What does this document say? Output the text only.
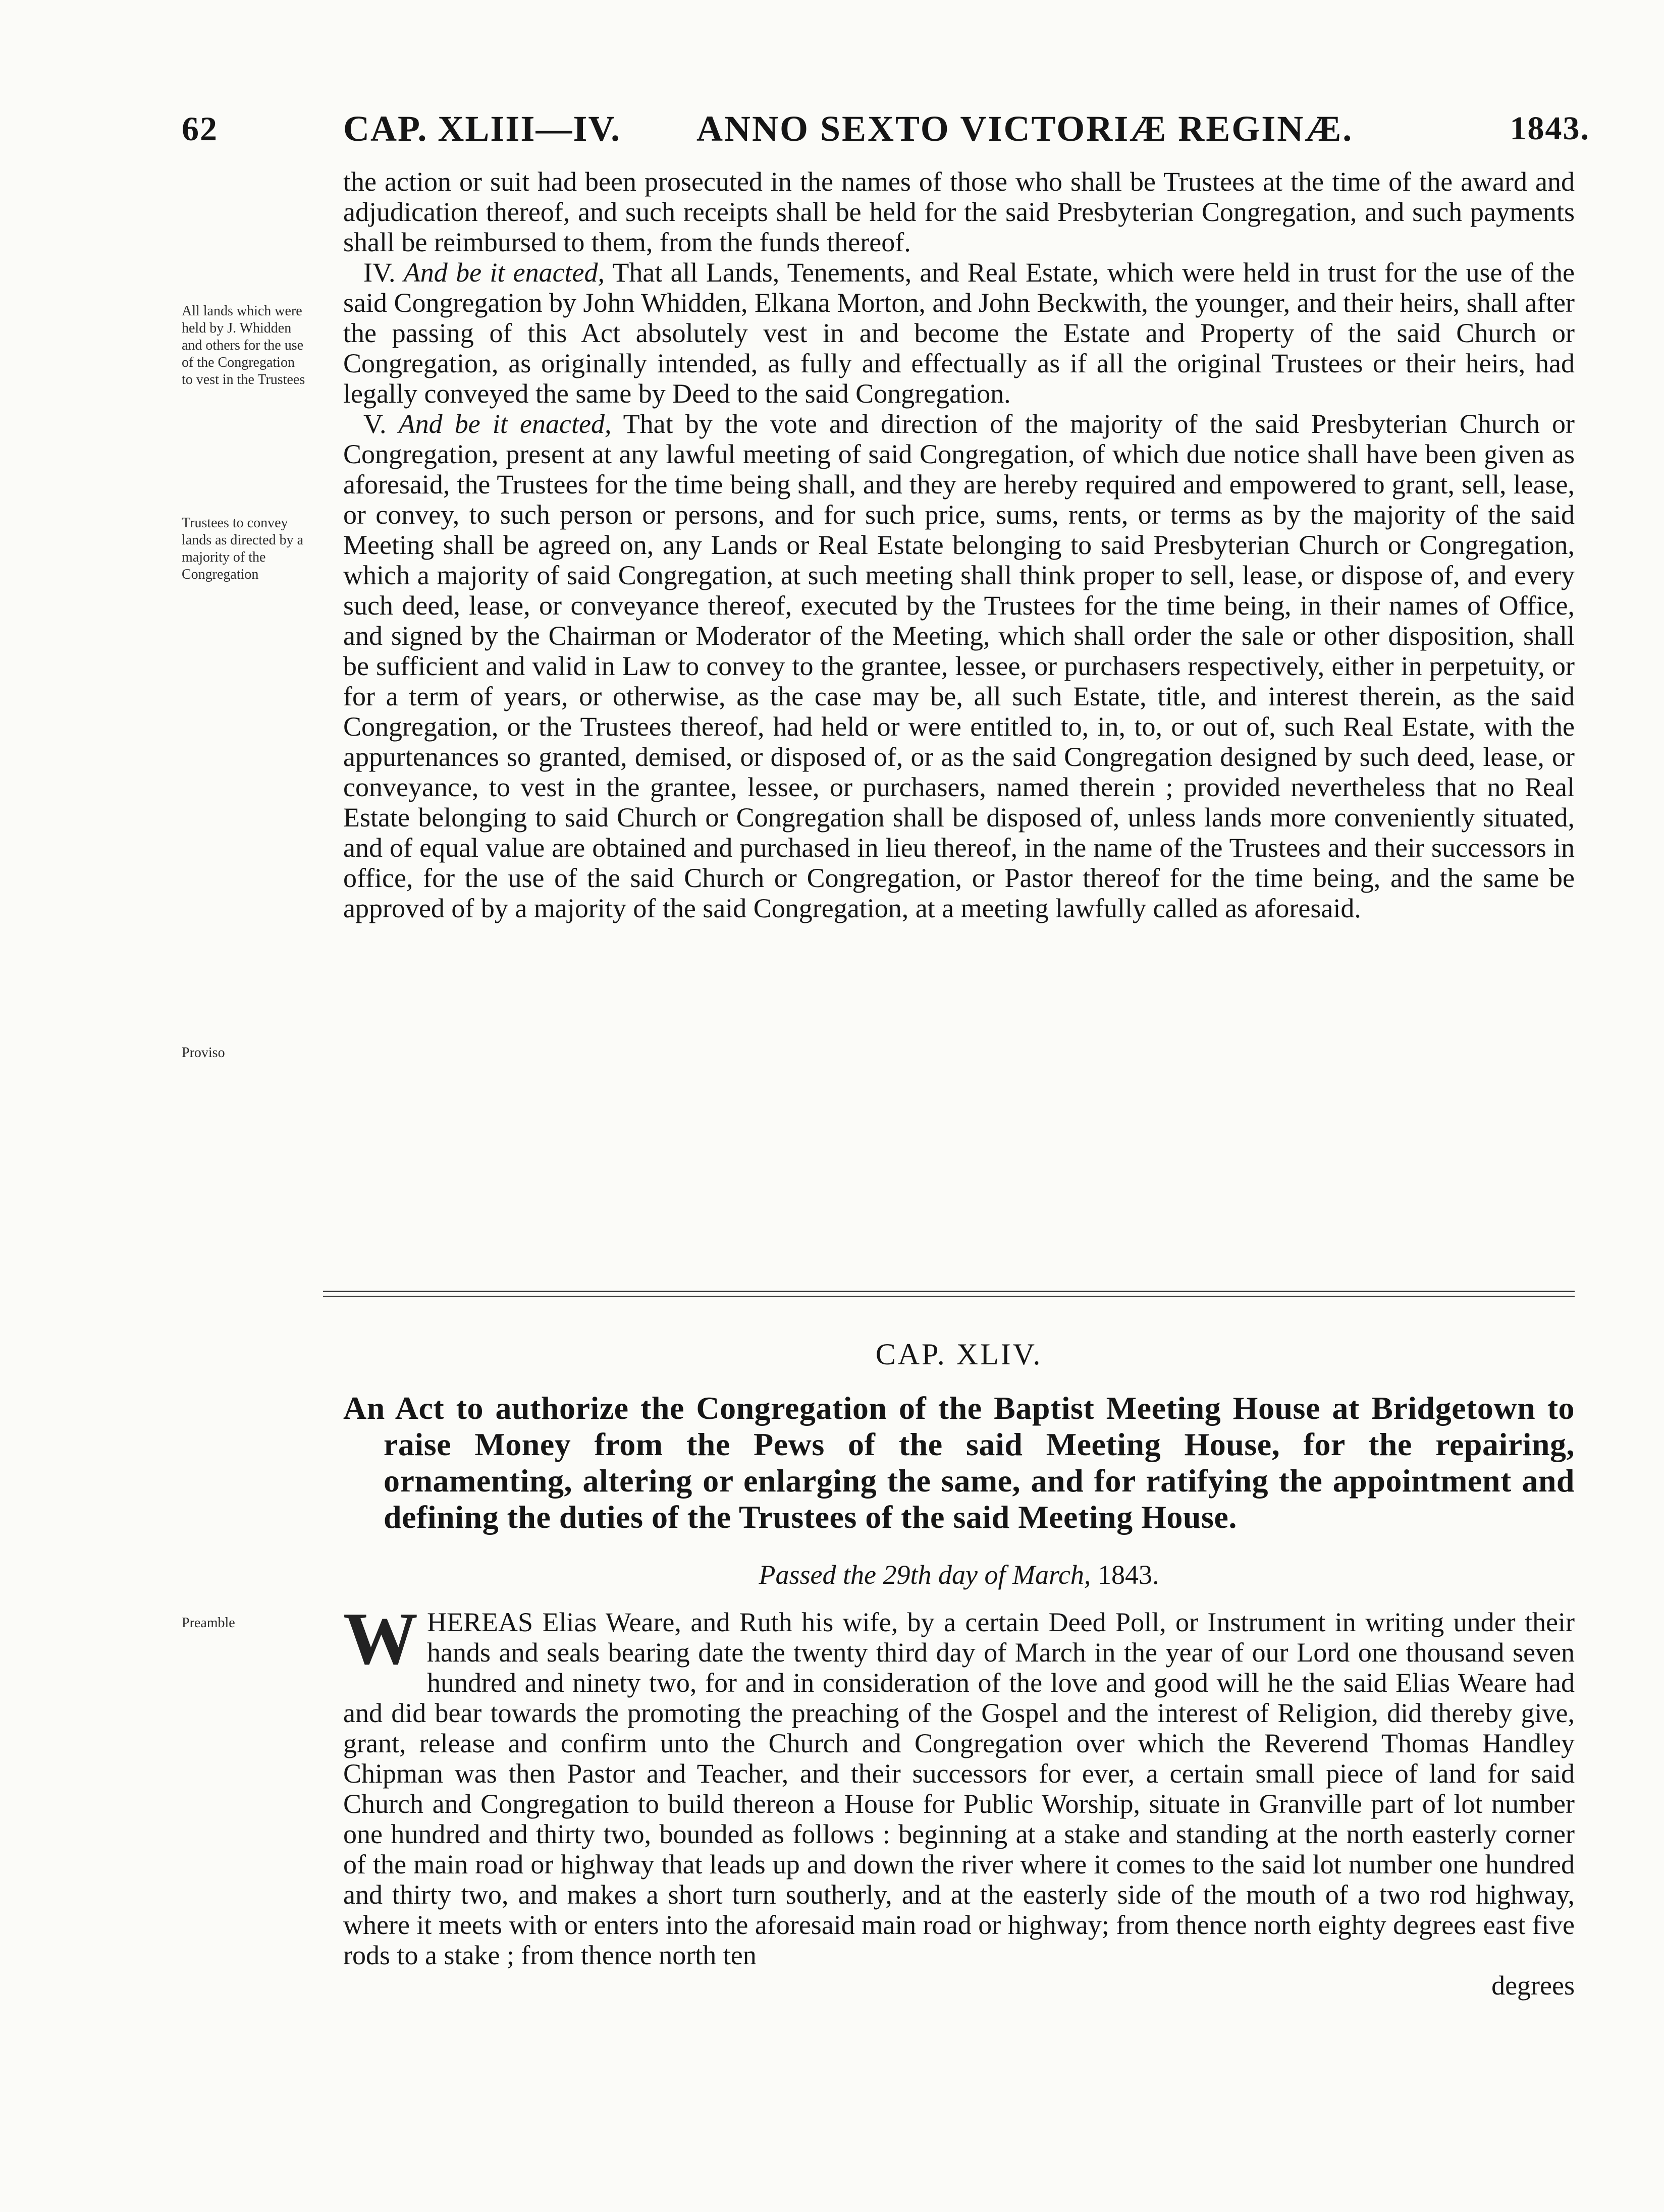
62	CAP. XLIII—IV. ANNO SEXTO VICTORIÆ REGINÆ.	1843.

All lands which were held by J. Whidden and others for the use of the Congregation to vest in the Trustees

Trustees to convey lands as directed by a majority of the Congregation

Proviso

Preamble

the action or suit had been prosecuted in the names of those who shall be Trustees at the time of the award and adjudication thereof, and such receipts shall be held for the said Presbyterian Congregation, and such payments shall be reimbursed to them, from the funds thereof.

IV. And be it enacted, That all Lands, Tenements, and Real Estate, which were held in trust for the use of the said Congregation by John Whidden, Elkana Morton, and John Beckwith, the younger, and their heirs, shall after the passing of this Act absolutely vest in and become the Estate and Property of the said Church or Congregation, as originally intended, as fully and effectually as if all the original Trustees or their heirs, had legally conveyed the same by Deed to the said Congregation.

V. And be it enacted, That by the vote and direction of the majority of the said Presbyterian Church or Congregation, present at any lawful meeting of said Congregation, of which due notice shall have been given as aforesaid, the Trustees for the time being shall, and they are hereby required and empowered to grant, sell, lease, or convey, to such person or persons, and for such price, sums, rents, or terms as by the majority of the said Meeting shall be agreed on, any Lands or Real Estate belonging to said Presbyterian Church or Congregation, which a majority of said Congregation, at such meeting shall think proper to sell, lease, or dispose of, and every such deed, lease, or conveyance thereof, executed by the Trustees for the time being, in their names of Office, and signed by the Chairman or Moderator of the Meeting, which shall order the sale or other disposition, shall be sufficient and valid in Law to convey to the grantee, lessee, or purchasers respectively, either in perpetuity, or for a term of years, or otherwise, as the case may be, all such Estate, title, and interest therein, as the said Congregation, or the Trustees thereof, had held or were entitled to, in, to, or out of, such Real Estate, with the appurtenances so granted, demised, or disposed of, or as the said Congregation designed by such deed, lease, or conveyance, to vest in the grantee, lessee, or purchasers, named therein ; provided nevertheless that no Real Estate belonging to said Church or Congregation shall be disposed of, unless lands more conveniently situated, and of equal value are obtained and purchased in lieu thereof, in the name of the Trustees and their successors in office, for the use of the said Church or Congregation, or Pastor thereof for the time being, and the same be approved of by a majority of the said Congregation, at a meeting lawfully called as aforesaid.

CAP. XLIV.
An Act to authorize the Congregation of the Baptist Meeting House at Bridgetown to raise Money from the Pews of the said Meeting House, for the repairing, ornamenting, altering or enlarging the same, and for ratifying the appointment and defining the duties of the Trustees of the said Meeting House.
Passed the 29th day of March, 1843.
WHEREAS Elias Weare, and Ruth his wife, by a certain Deed Poll, or Instrument in writing under their hands and seals bearing date the twenty third day of March in the year of our Lord one thousand seven hundred and ninety two, for and in consideration of the love and good will he the said Elias Weare had and did bear towards the promoting the preaching of the Gospel and the interest of Religion, did thereby give, grant, release and confirm unto the Church and Congregation over which the Reverend Thomas Handley Chipman was then Pastor and Teacher, and their successors for ever, a certain small piece of land for said Church and Congregation to build thereon a House for Public Worship, situate in Granville part of lot number one hundred and thirty two, bounded as follows : beginning at a stake and standing at the north easterly corner of the main road or highway that leads up and down the river where it comes to the said lot number one hundred and thirty two, and makes a short turn southerly, and at the easterly side of the mouth of a two rod highway, where it meets with or enters into the aforesaid main road or highway; from thence north eighty degrees east five rods to a stake ; from thence north ten
degrees
